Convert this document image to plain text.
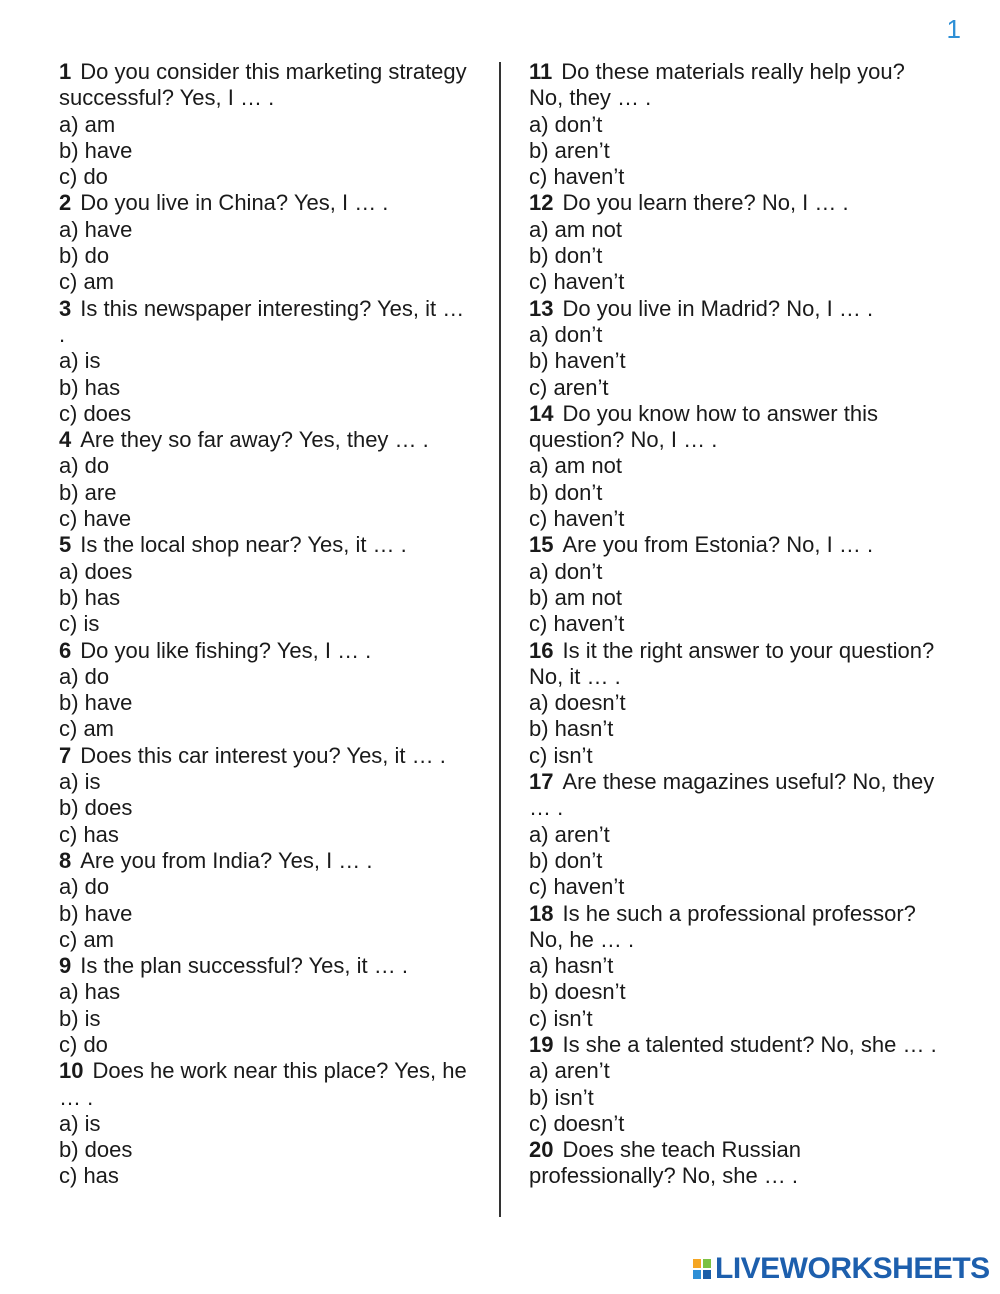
1
1 Do you consider this marketing strategy successful? Yes, I … .
a) am
b) have
c) do
2 Do you live in China? Yes, I … .
a) have
b) do
c) am
3 Is this newspaper interesting? Yes, it … .
a) is
b) has
c) does
4 Are they so far away? Yes, they … .
a) do
b) are
c) have
5 Is the local shop near? Yes, it … .
a) does
b) has
c) is
6 Do you like fishing? Yes, I … .
a) do
b) have
c) am
7 Does this car interest you? Yes, it … .
a) is
b) does
c) has
8 Are you from India? Yes, I … .
a) do
b) have
c) am
9 Is the plan successful? Yes, it … .
a) has
b) is
c) do
10 Does he work near this place? Yes, he … .
a) is
b) does
c) has
11 Do these materials really help you? No, they … .
a) don’t
b) aren’t
c) haven’t
12 Do you learn there? No, I … .
a) am not
b) don’t
c) haven’t
13 Do you live in Madrid? No, I … .
a) don’t
b) haven’t
c) aren’t
14 Do you know how to answer this question? No, I … .
a) am not
b) don’t
c) haven’t
15 Are you from Estonia? No, I … .
a) don’t
b) am not
c) haven’t
16 Is it the right answer to your question? No, it … .
a) doesn’t
b) hasn’t
c) isn’t
17 Are these magazines useful? No, they … .
a) aren’t
b) don’t
c) haven’t
18 Is he such a professional professor? No, he … .
a) hasn’t
b) doesn’t
c) isn’t
19 Is she a talented student? No, she … .
a) aren’t
b) isn’t
c) doesn’t
20 Does she teach Russian professionally? No, she … .
LIVEWORKSHEETS
